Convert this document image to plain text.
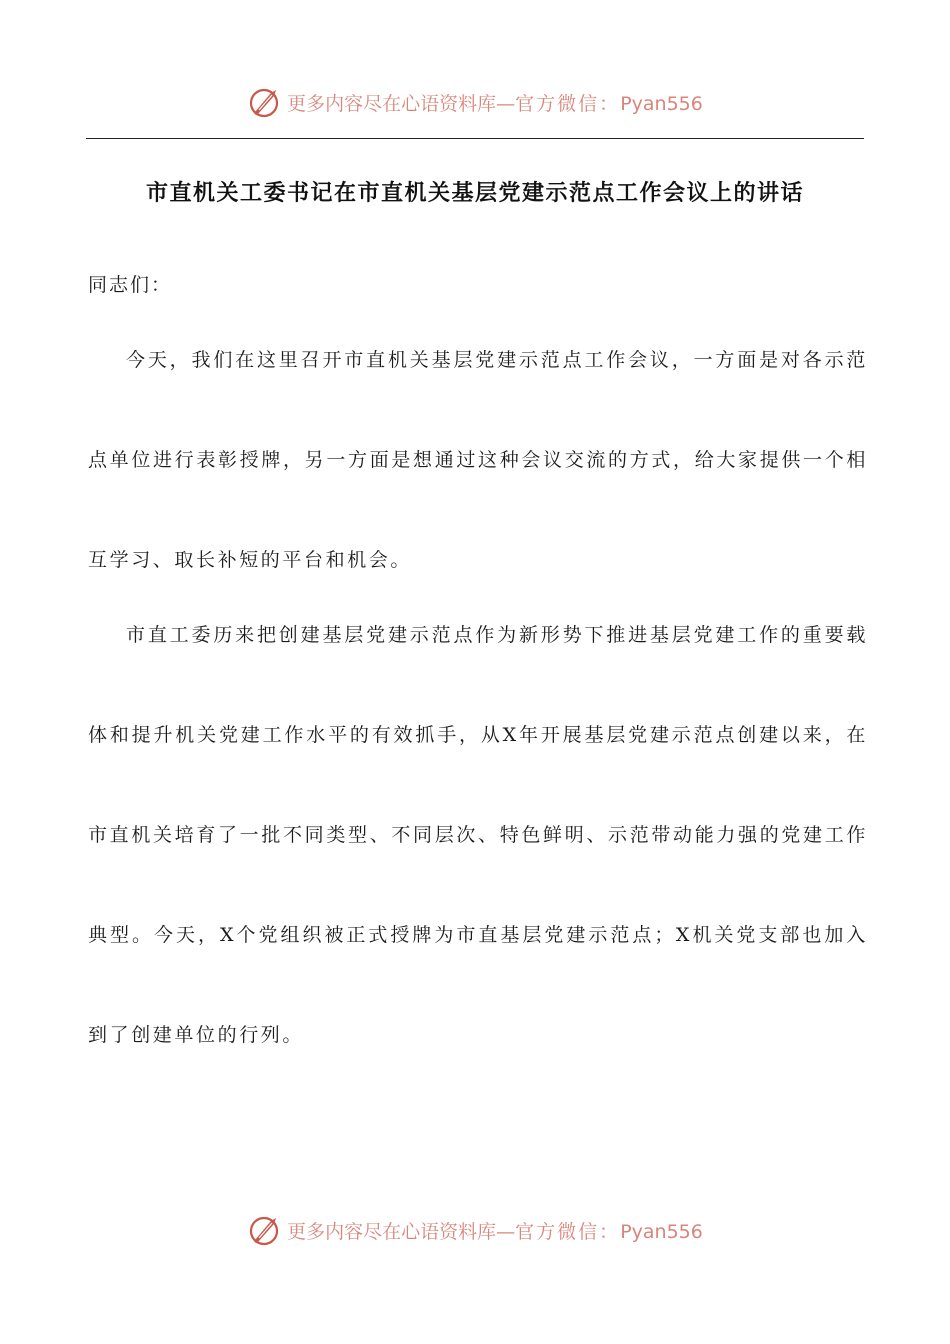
更多内容尽在心语资料库—官方微信：Pyan556
市直机关工委书记在市直机关基层党建示范点工作会议上的讲话

同志们：

今天，我们在这里召开市直机关基层党建示范点工作会议，一方面是对各示范点单位进行表彰授牌，另一方面是想通过这种会议交流的方式，给大家提供一个相互学习、取长补短的平台和机会。

市直工委历来把创建基层党建示范点作为新形势下推进基层党建工作的重要载体和提升机关党建工作水平的有效抓手，从X年开展基层党建示范点创建以来，在市直机关培育了一批不同类型、不同层次、特色鲜明、示范带动能力强的党建工作典型。今天，X个党组织被正式授牌为市直基层党建示范点；X机关党支部也加入到了创建单位的行列。

更多内容尽在心语资料库—官方微信：Pyan556
